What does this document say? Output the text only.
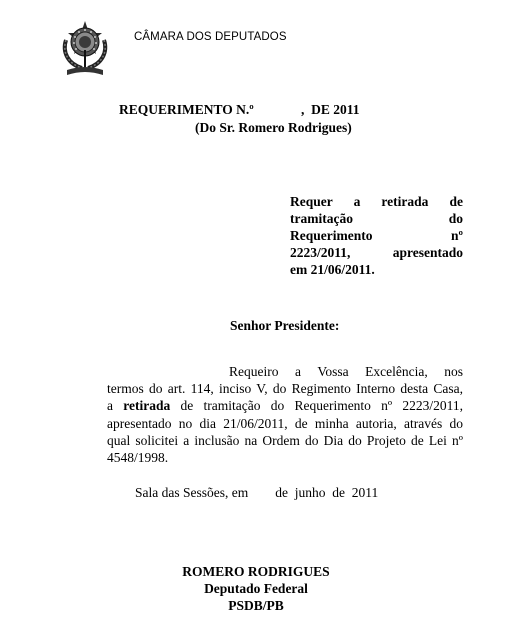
CÂMARA DOS DEPUTADOS
REQUERIMENTO N.º              ,  DE 2011
(Do Sr. Romero Rodrigues)
Requer a retirada de
tramitação do
Requerimento nº
2223/2011, apresentado
em 21/06/2011.
Senhor Presidente:
Requeiro a Vossa Excelência, nos
termos do art. 114, inciso V, do Regimento Interno desta Casa,
a retirada de tramitação do Requerimento nº 2223/2011,
apresentado no dia 21/06/2011, de minha autoria, através do
qual solicitei a inclusão na Ordem do Dia do Projeto de Lei nº
4548/1998.
Sala das Sessões, em        de  junho  de  2011
ROMERO RODRIGUES
Deputado Federal
PSDB/PB
